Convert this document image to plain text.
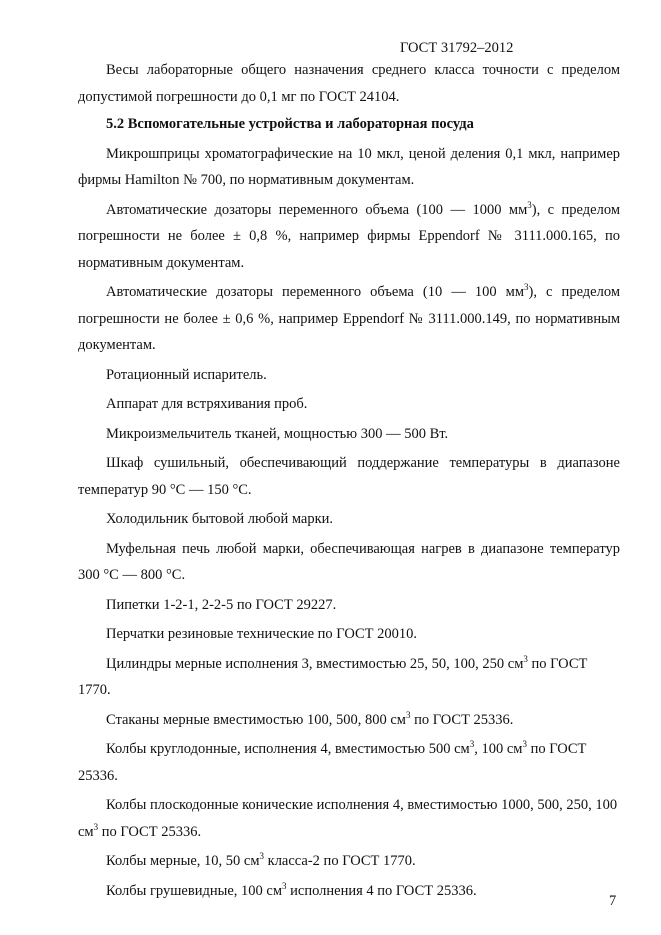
ГОСТ 31792–2012

Весы лабораторные общего назначения среднего класса точности с пределом допустимой погрешности до 0,1 мг по ГОСТ 24104.

5.2 Вспомогательные устройства и лабораторная посуда

Микрошприцы хроматографические на 10 мкл, ценой деления 0,1 мкл, например фирмы Hamilton № 700, по нормативным документам.

Автоматические дозаторы переменного объема (100 — 1000 $мм^3$), с пределом погрешности не более ± 0,8 %, например фирмы Eppendorf № 3111.000.165, по нормативным документам.

Автоматические дозаторы переменного объема (10 — 100 $мм^3$), с пределом погрешности не более ± 0,6 %, например Eppendorf № 3111.000.149, по нормативным документам.

Ротационный испаритель.

Аппарат для встряхивания проб.

Микроизмельчитель тканей, мощностью 300 — 500 Вт.

Шкаф сушильный, обеспечивающий поддержание температуры в диапазоне температур 90 °С — 150 °С.

Холодильник бытовой любой марки.

Муфельная печь любой марки, обеспечивающая нагрев в диапазоне температур 300 °С — 800 °С.

Пипетки 1-2-1, 2-2-5 по ГОСТ 29227.

Перчатки резиновые технические по ГОСТ 20010.

Цилиндры мерные исполнения 3, вместимостью 25, 50, 100, 250 $см^3$ по ГОСТ 1770.

Стаканы мерные вместимостью 100, 500, 800 $см^3$ по ГОСТ 25336.

Колбы круглодонные, исполнения 4, вместимостью 500 $см^3$, 100 $см^3$ по ГОСТ 25336.

Колбы плоскодонные конические исполнения 4, вместимостью 1000, 500, 250, 100 $см^3$ по ГОСТ 25336.

Колбы мерные, 10, 50 $см^3$ класса-2 по ГОСТ 1770.

Колбы грушевидные, 100 $см^3$ исполнения 4 по ГОСТ 25336.

7
